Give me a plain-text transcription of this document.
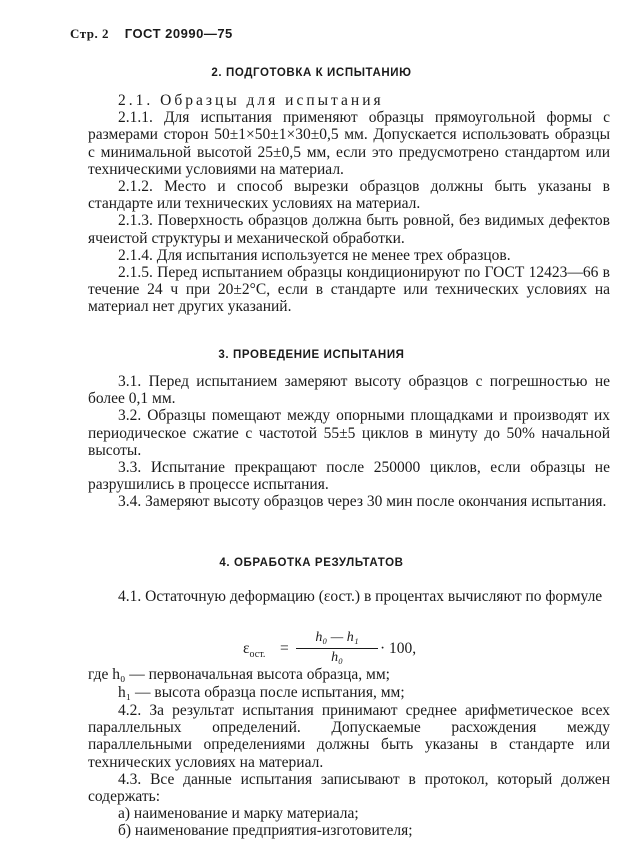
Стр. 2 ГОСТ 20990—75
2. ПОДГОТОВКА К ИСПЫТАНИЮ

2.1. Образцы для испытания

2.1.1. Для испытания применяют образцы прямоугольной формы с размерами сторон 50±1×50±1×30±0,5 мм. Допускается использовать образцы с минимальной высотой 25±0,5 мм, если это предусмотрено стандартом или техническими условиями на материал.

2.1.2. Место и способ вырезки образцов должны быть указаны в стандарте или технических условиях на материал.

2.1.3. Поверхность образцов должна быть ровной, без видимых дефектов ячеистой структуры и механической обработки.

2.1.4. Для испытания используется не менее трех образцов.

2.1.5. Перед испытанием образцы кондиционируют по ГОСТ 12423—66 в течение 24 ч при 20±2°С, если в стандарте или технических условиях на материал нет других указаний.

3. ПРОВЕДЕНИЕ ИСПЫТАНИЯ

3.1. Перед испытанием замеряют высоту образцов с погрешностью не более 0,1 мм.

3.2. Образцы помещают между опорными площадками и производят их периодическое сжатие с частотой 55±5 циклов в минуту до 50% начальной высоты.

3.3. Испытание прекращают после 250000 циклов, если образцы не разрушились в процессе испытания.

3.4. Замеряют высоту образцов через 30 мин после окончания испытания.

4. ОБРАБОТКА РЕЗУЛЬТАТОВ

4.1. Остаточную деформацию (εост.) в процентах вычисляют по формуле

$\varepsilon_{ост.}$ =
h₀ — h₁
h₀
· 100,
где h₀ — первоначальная высота образца, мм;
h₁ — высота образца после испытания, мм;

4.2. За результат испытания принимают среднее арифметическое всех параллельных определений. Допускаемые расхождения между параллельными определениями должны быть указаны в стандарте или технических условиях на материал.

4.3. Все данные испытания записывают в протокол, который должен содержать:

а) наименование и марку материала;

б) наименование предприятия-изготовителя;
